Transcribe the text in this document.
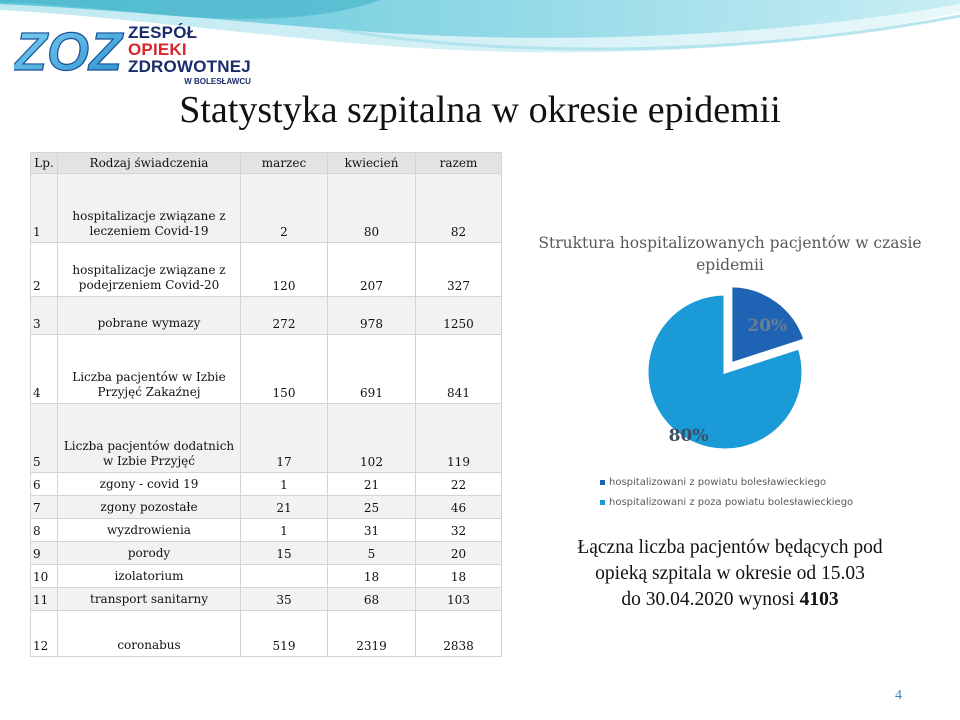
ZOZ ZESPÓŁ OPIEKI
ZDROWOTNEJ
W BOLESŁAWCU
Statystyka szpitalna w okresie epidemii
Lp.	Rodzaj świadczenia	marzec	kwiecień	razem
1	hospitalizacje związane z leczeniem Covid-19	2	80	82
2	hospitalizacje związane z podejrzeniem Covid-20	120	207	327
3	pobrane wymazy	272	978	1250
4	Liczba pacjentów w Izbie Przyjęć Zakaźnej	150	691	841
5	Liczba pacjentów dodatnich w Izbie Przyjęć	17	102	119
6	zgony - covid 19	1	21	22
7	zgony pozostałe	21	25	46
8	wyzdrowienia	1	31	32
9	porody	15	5	20
10	izolatorium		18	18
11	transport sanitarny	35	68	103
12	coronabus	519	2319	2838
Struktura hospitalizowanych pacjentów w czasie epidemii
20%
80%
hospitalizowani z powiatu bolesławieckiego
hospitalizowani z poza powiatu bolesławieckiego
Łączna liczba pacjentów będących pod
opieką szpitala w okresie od 15.03
do 30.04.2020 wynosi 4103
4
